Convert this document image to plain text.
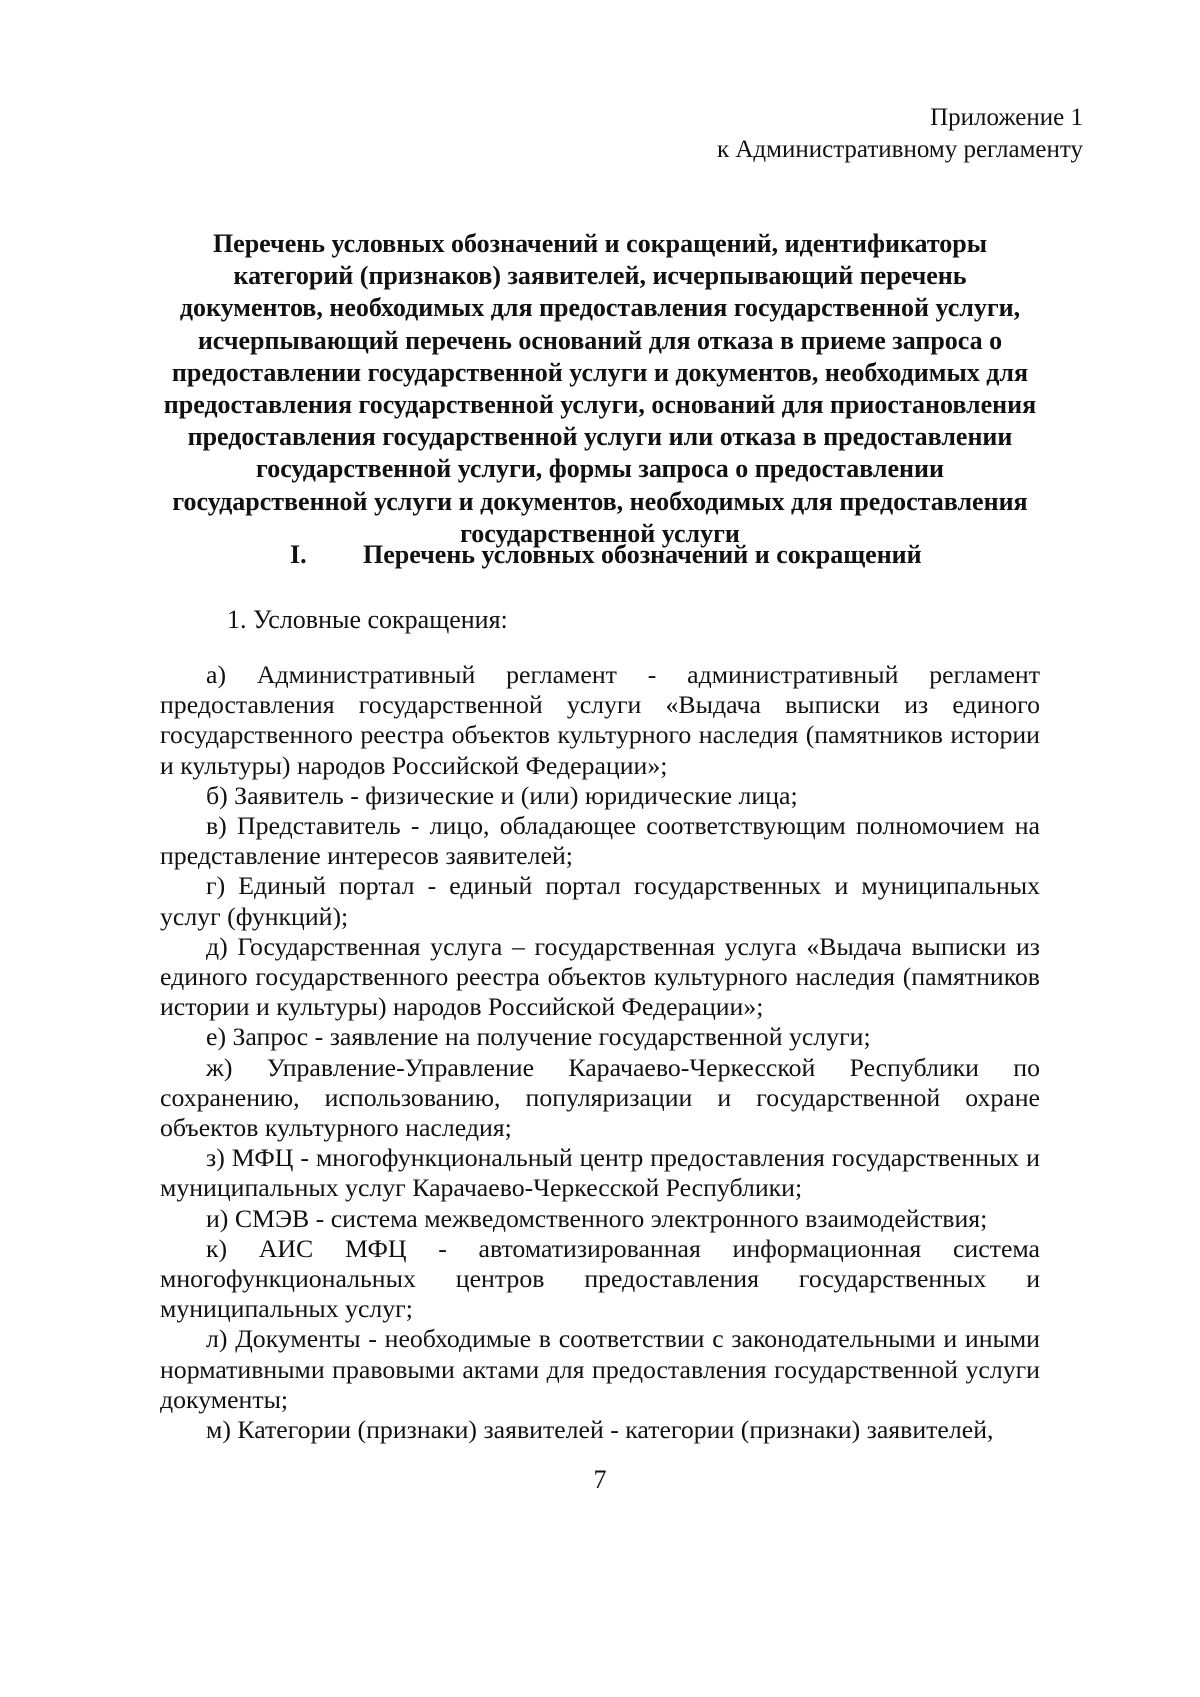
Приложение 1
к Административному регламенту
Перечень условных обозначений и сокращений, идентификаторы категорий (признаков) заявителей, исчерпывающий перечень документов, необходимых для предоставления государственной услуги, исчерпывающий перечень оснований для отказа в приеме запроса о предоставлении государственной услуги и документов, необходимых для предоставления государственной услуги, оснований для приостановления предоставления государственной услуги или отказа в предоставлении государственной услуги, формы запроса о предоставлении государственной услуги и документов, необходимых для предоставления государственной услуги
I. Перечень условных обозначений и сокращений
1. Условные сокращения:

а) Административный регламент - административный регламент предоставления государственной услуги «Выдача выписки из единого государственного реестра объектов культурного наследия (памятников истории и культуры) народов Российской Федерации»;

б) Заявитель - физические и (или) юридические лица;

в) Представитель - лицо, обладающее соответствующим полномочием на представление интересов заявителей;

г) Единый портал - единый портал государственных и муниципальных услуг (функций);

д) Государственная услуга – государственная услуга «Выдача выписки из единого государственного реестра объектов культурного наследия (памятников истории и культуры) народов Российской Федерации»;

е) Запрос - заявление на получение государственной услуги;

ж) Управление-Управление Карачаево-Черкесской Республики по сохранению, использованию, популяризации и государственной охране объектов культурного наследия;

з) МФЦ - многофункциональный центр предоставления государственных и муниципальных услуг Карачаево-Черкесской Республики;

и) СМЭВ - система межведомственного электронного взаимодействия;

к) АИС МФЦ - автоматизированная информационная система многофункциональных центров предоставления государственных и муниципальных услуг;

л) Документы - необходимые в соответствии с законодательными и иными нормативными правовыми актами для предоставления государственной услуги документы;

м) Категории (признаки) заявителей - категории (признаки) заявителей,

7
